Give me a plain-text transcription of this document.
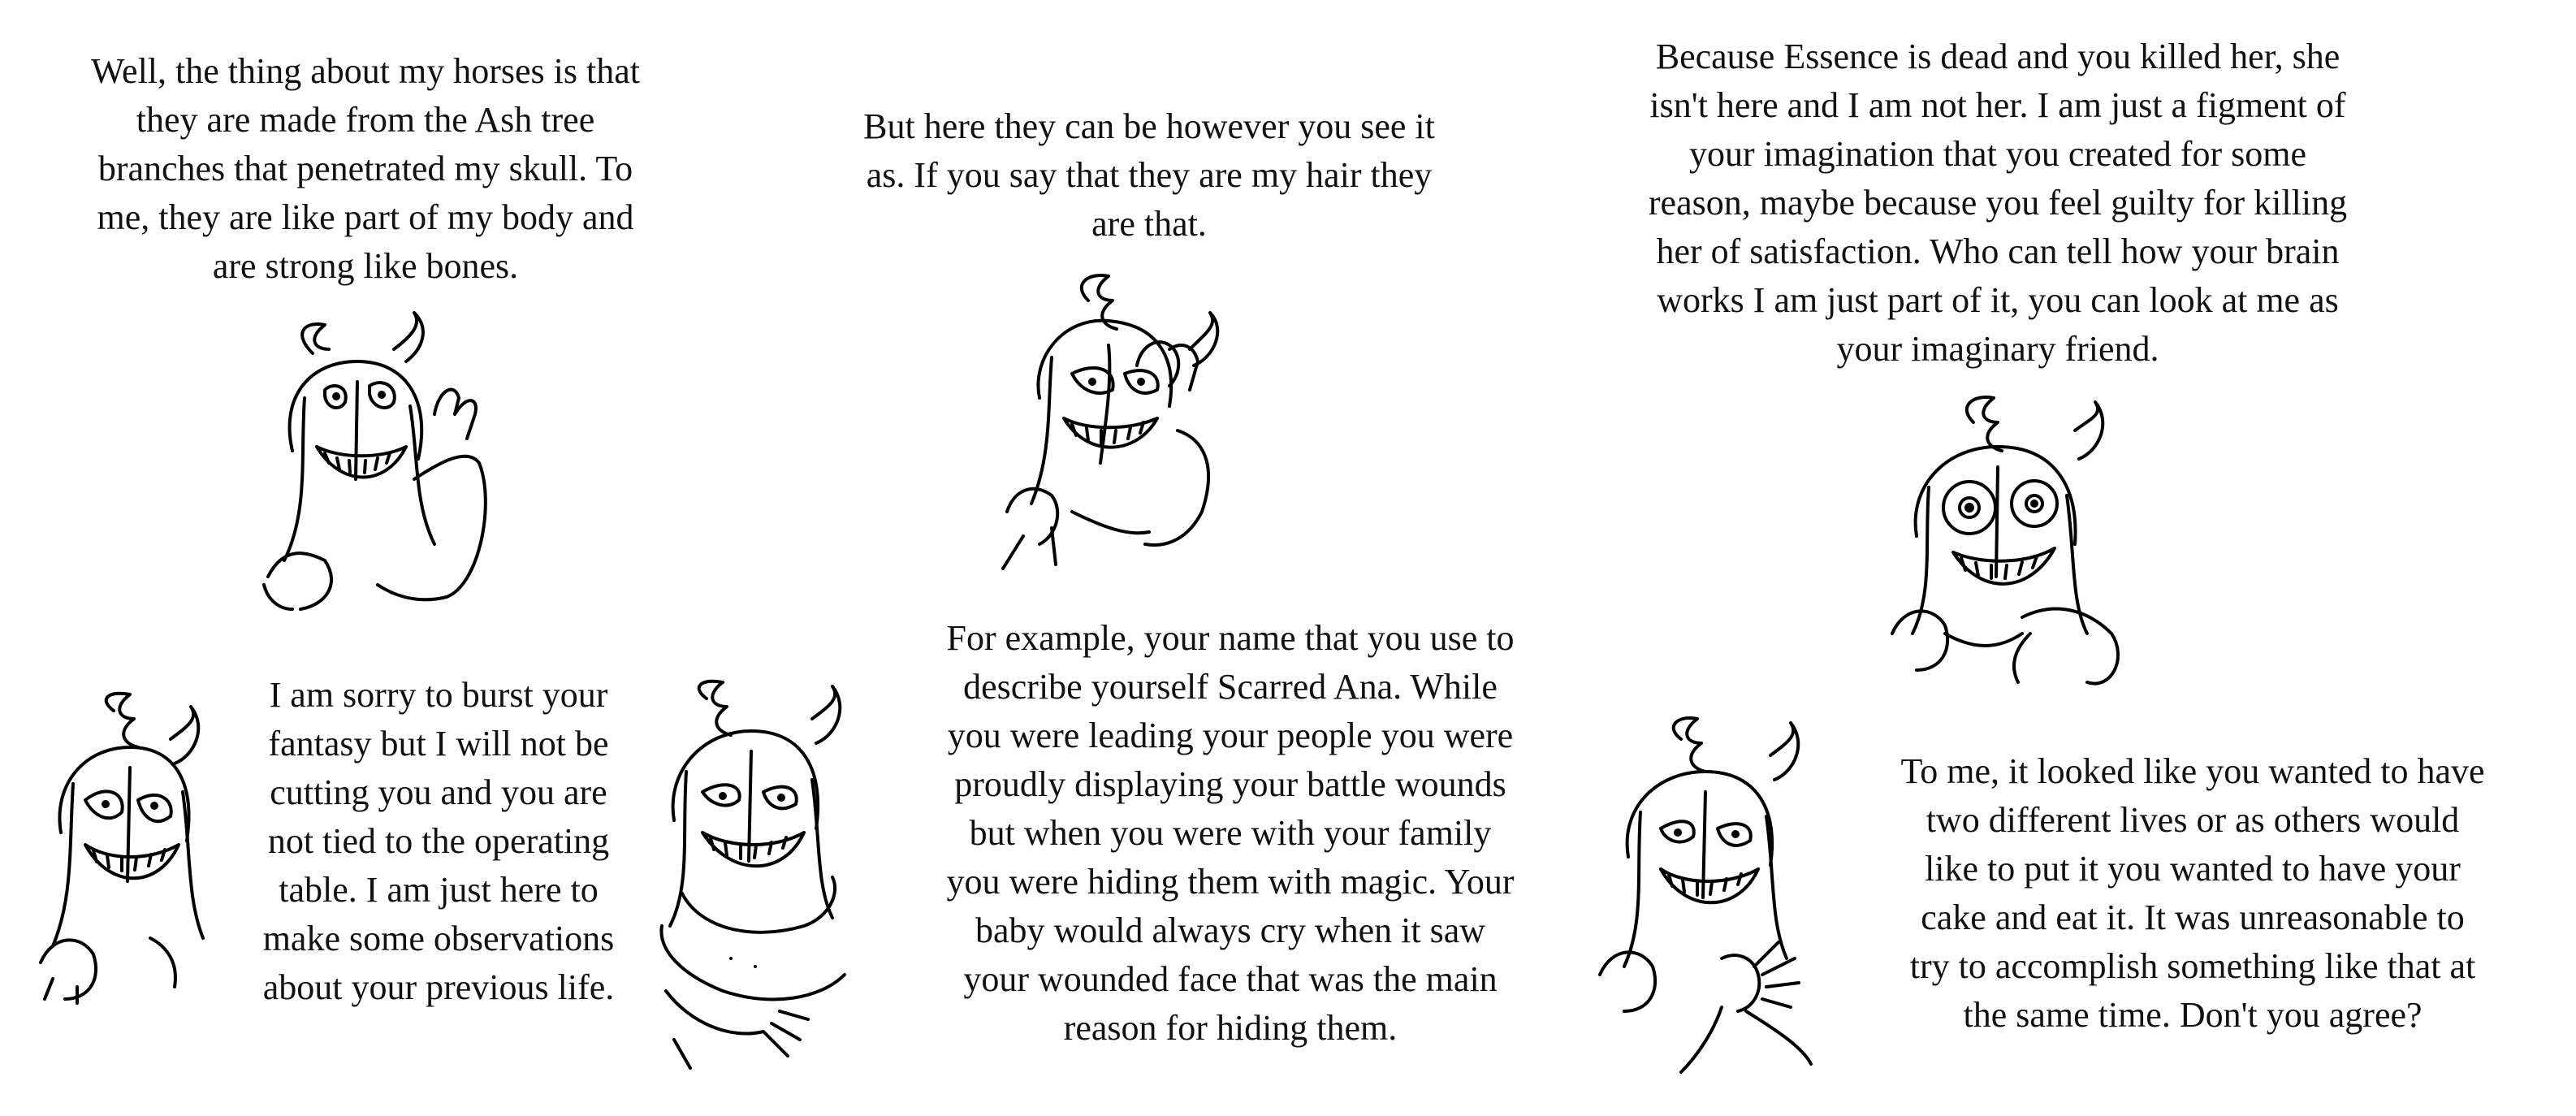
Well, the thing about my horses is that
they are made from the Ash tree
branches that penetrated my skull. To
me, they are like part of my body and
are strong like bones.

But here they can be however you see it
as. If you say that they are my hair they
are that.

Because Essence is dead and you killed her, she
isn't here and I am not her. I am just a figment of
your imagination that you created for some
reason, maybe because you feel guilty for killing
her of satisfaction. Who can tell how your brain
works I am just part of it, you can look at me as
your imaginary friend.

I am sorry to burst your
fantasy but I will not be
cutting you and you are
not tied to the operating
table. I am just here to
make some observations
about your previous life.

For example, your name that you use to
describe yourself Scarred Ana. While
you were leading your people you were
proudly displaying your battle wounds
but when you were with your family
you were hiding them with magic. Your
baby would always cry when it saw
your wounded face that was the main
reason for hiding them.

To me, it looked like you wanted to have
two different lives or as others would
like to put it you wanted to have your
cake and eat it. It was unreasonable to
try to accomplish something like that at
the same time. Don't you agree?
